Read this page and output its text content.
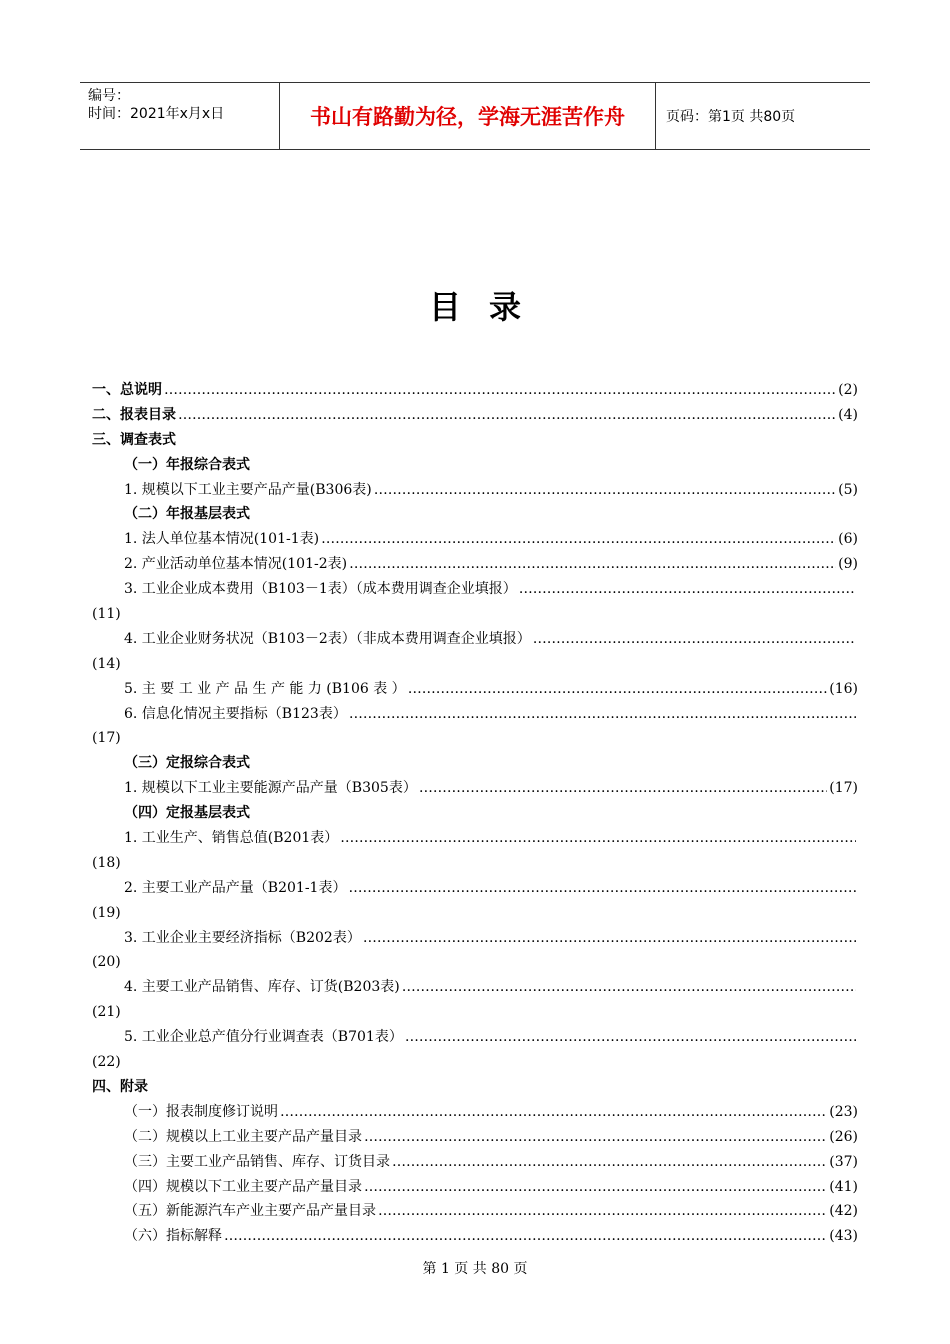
编号：
时间：2021年x月x日	书山有路勤为径，学海无涯苦作舟	页码：第1页 共80页
目录
一、总说明 …………………………………………………………………………………………………………………………………………………………………………………………………………	(2)
二、报表目录 …………………………………………………………………………………………………………………………………………………………………………………………………………	(4)
三、调查表式
（一）年报综合表式
1. 规模以下工业主要产品产量(B306表) …………………………………………………………………………………………………………………………………………………………………………………………………………	(5)
（二）年报基层表式
1. 法人单位基本情况(101-1表) …………………………………………………………………………………………………………………………………………………………………………………………………………	(6)
2. 产业活动单位基本情况(101-2表) …………………………………………………………………………………………………………………………………………………………………………………………………………	(9)
3. 工业企业成本费用（B103－1表）（成本费用调查企业填报）
…………………………………………………………………………………………………………………………………………………………………………………………………………
(11)
4. 工业企业财务状况（B103－2表）（非成本费用调查企业填报）
…………………………………………………………………………………………………………………………………………………………………………………………………………
(14)
5. 主 要 工 业 产 品 生 产 能 力 (B106 表 ） …………………………………………………………………………………………………………………………………………………………………………………………………………	(16)
6. 信息化情况主要指标（B123表）
…………………………………………………………………………………………………………………………………………………………………………………………………………
(17)
（三）定报综合表式
1. 规模以下工业主要能源产品产量（B305表） …………………………………………………………………………………………………………………………………………………………………………………………………………	(17)
（四）定报基层表式
1. 工业生产、销售总值(B201表）
…………………………………………………………………………………………………………………………………………………………………………………………………………
(18)
2. 主要工业产品产量（B201-1表）
…………………………………………………………………………………………………………………………………………………………………………………………………………
(19)
3. 工业企业主要经济指标（B202表）
…………………………………………………………………………………………………………………………………………………………………………………………………………
(20)
4. 主要工业产品销售、库存、订货(B203表)
…………………………………………………………………………………………………………………………………………………………………………………………………………
(21)
5. 工业企业总产值分行业调查表（B701表）
…………………………………………………………………………………………………………………………………………………………………………………………………………
(22)
四、附录
（一）报表制度修订说明 …………………………………………………………………………………………………………………………………………………………………………………………………………	(23)
（二）规模以上工业主要产品产量目录 …………………………………………………………………………………………………………………………………………………………………………………………………………	(26)
（三）主要工业产品销售、库存、订货目录 …………………………………………………………………………………………………………………………………………………………………………………………………………	(37)
（四）规模以下工业主要产品产量目录 …………………………………………………………………………………………………………………………………………………………………………………………………………	(41)
（五）新能源汽车产业主要产品产量目录 …………………………………………………………………………………………………………………………………………………………………………………………………………	(42)
（六）指标解释 …………………………………………………………………………………………………………………………………………………………………………………………………………	(43)
第 1 页 共 80 页
